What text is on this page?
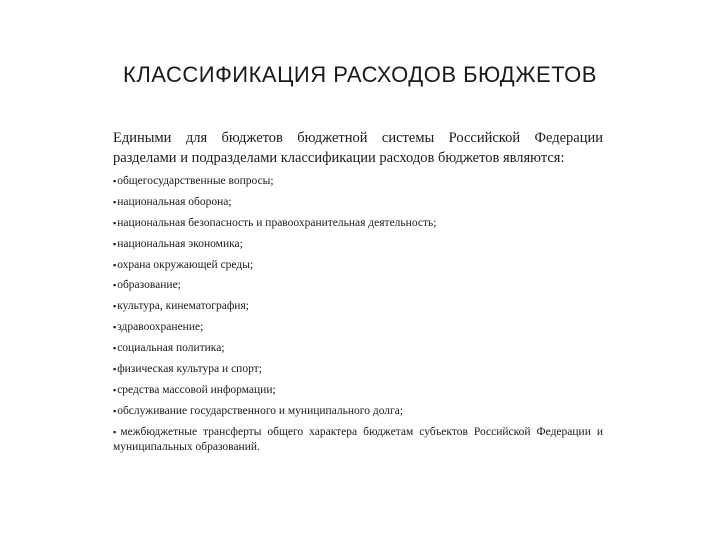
КЛАССИФИКАЦИЯ РАСХОДОВ БЮДЖЕТОВ

Едиными для бюджетов бюджетной системы Российской Федерации разделами и подразделами классификации расходов бюджетов являются:

▪общегосударственные вопросы;
▪национальная оборона;
▪национальная безопасность и правоохранительная деятельность;
▪национальная экономика;
▪охрана окружающей среды;
▪образование;
▪культура, кинематография;
▪здравоохранение;
▪социальная политика;
▪физическая культура и спорт;
▪средства массовой информации;
▪обслуживание государственного и муниципального долга;
▪межбюджетные трансферты общего характера бюджетам субъектов Российской Федерации и муниципальных образований.
